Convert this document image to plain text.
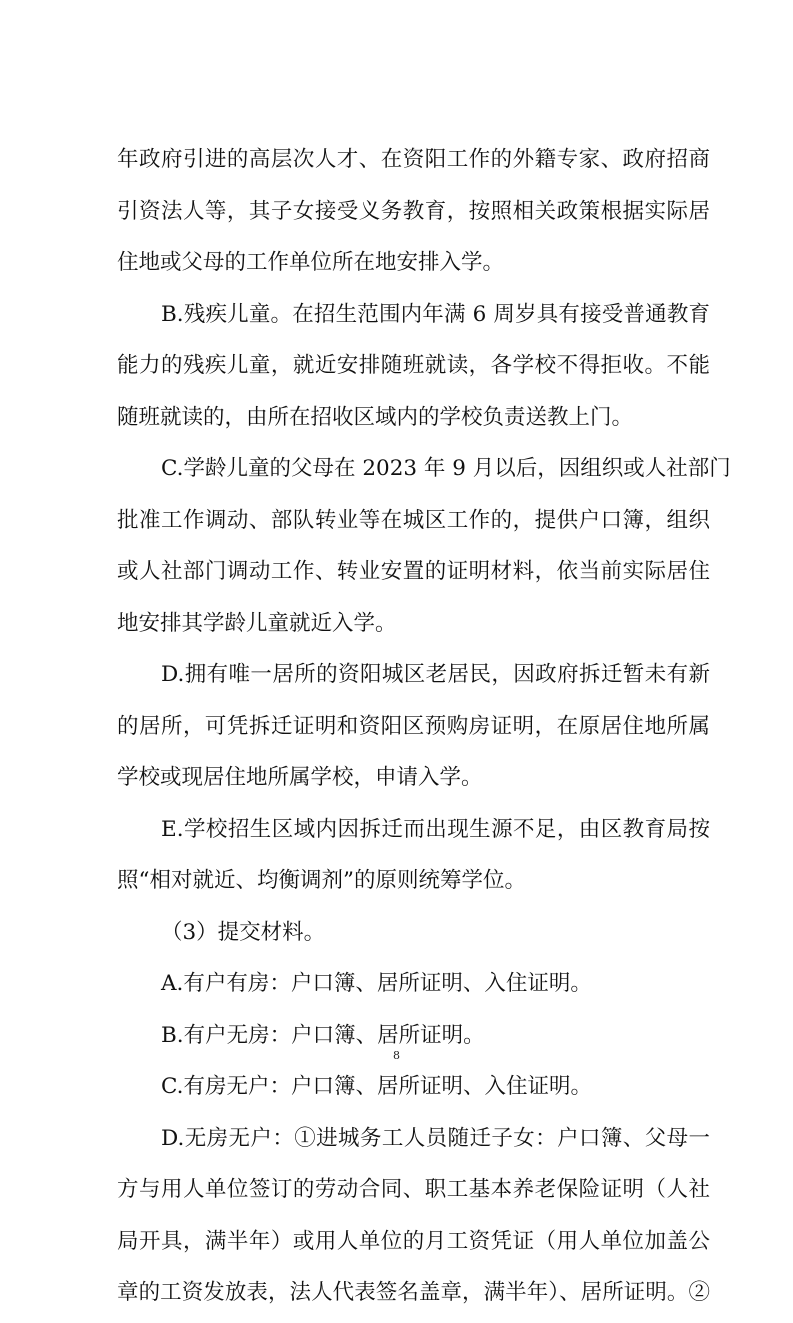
年政府引进的高层次人才、在资阳工作的外籍专家、政府招商
引资法人等，其子女接受义务教育，按照相关政策根据实际居
住地或父母的工作单位所在地安排入学。
B.残疾儿童。在招生范围内年满 6 周岁具有接受普通教育
能力的残疾儿童，就近安排随班就读，各学校不得拒收。不能
随班就读的，由所在招收区域内的学校负责送教上门。
C.学龄儿童的父母在 2023 年 9 月以后，因组织或人社部门
批准工作调动、部队转业等在城区工作的，提供户口簿，组织
或人社部门调动工作、转业安置的证明材料，依当前实际居住
地安排其学龄儿童就近入学。
D.拥有唯一居所的资阳城区老居民，因政府拆迁暂未有新
的居所，可凭拆迁证明和资阳区预购房证明，在原居住地所属
学校或现居住地所属学校，申请入学。
E.学校招生区域内因拆迁而出现生源不足，由区教育局按
照“相对就近、均衡调剂”的原则统筹学位。
（3）提交材料。
A.有户有房：户口簿、居所证明、入住证明。
B.有户无房：户口簿、居所证明。
C.有房无户：户口簿、居所证明、入住证明。
D.无房无户：①进城务工人员随迁子女：户口簿、父母一
方与用人单位签订的劳动合同、职工基本养老保险证明（人社
局开具，满半年）或用人单位的月工资凭证（用人单位加盖公
章的工资发放表，法人代表签名盖章，满半年）、居所证明。②
8
